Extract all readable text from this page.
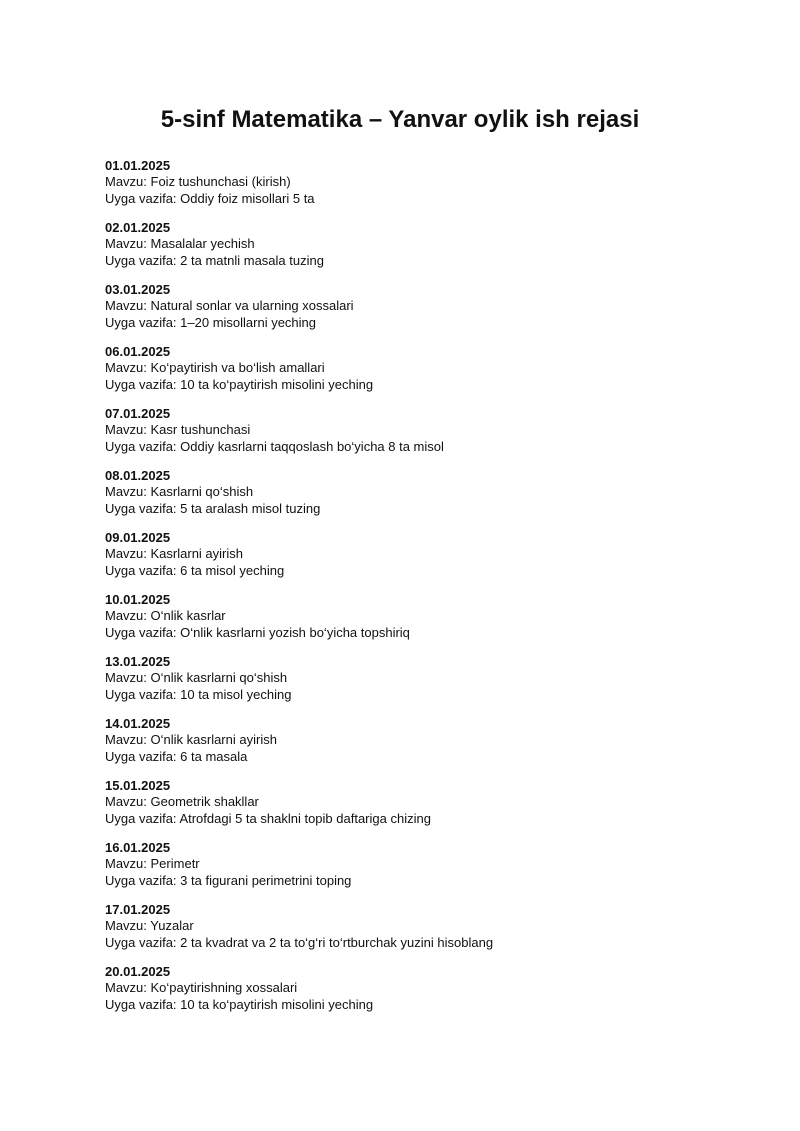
5-sinf Matematika – Yanvar oylik ish rejasi
01.01.2025
Mavzu: Foiz tushunchasi (kirish)
Uyga vazifa: Oddiy foiz misollari 5 ta
02.01.2025
Mavzu: Masalalar yechish
Uyga vazifa: 2 ta matnli masala tuzing
03.01.2025
Mavzu: Natural sonlar va ularning xossalari
Uyga vazifa: 1–20 misollarni yeching
06.01.2025
Mavzu: Ko‘paytirish va bo‘lish amallari
Uyga vazifa: 10 ta ko‘paytirish misolini yeching
07.01.2025
Mavzu: Kasr tushunchasi
Uyga vazifa: Oddiy kasrlarni taqqoslash bo‘yicha 8 ta misol
08.01.2025
Mavzu: Kasrlarni qo‘shish
Uyga vazifa: 5 ta aralash misol tuzing
09.01.2025
Mavzu: Kasrlarni ayirish
Uyga vazifa: 6 ta misol yeching
10.01.2025
Mavzu: O‘nlik kasrlar
Uyga vazifa: O‘nlik kasrlarni yozish bo‘yicha topshiriq
13.01.2025
Mavzu: O‘nlik kasrlarni qo‘shish
Uyga vazifa: 10 ta misol yeching
14.01.2025
Mavzu: O‘nlik kasrlarni ayirish
Uyga vazifa: 6 ta masala
15.01.2025
Mavzu: Geometrik shakllar
Uyga vazifa: Atrofdagi 5 ta shaklni topib daftariga chizing
16.01.2025
Mavzu: Perimetr
Uyga vazifa: 3 ta figurani perimetrini toping
17.01.2025
Mavzu: Yuzalar
Uyga vazifa: 2 ta kvadrat va 2 ta to‘g‘ri to‘rtburchak yuzini hisoblang
20.01.2025
Mavzu: Ko‘paytirishning xossalari
Uyga vazifa: 10 ta ko‘paytirish misolini yeching
